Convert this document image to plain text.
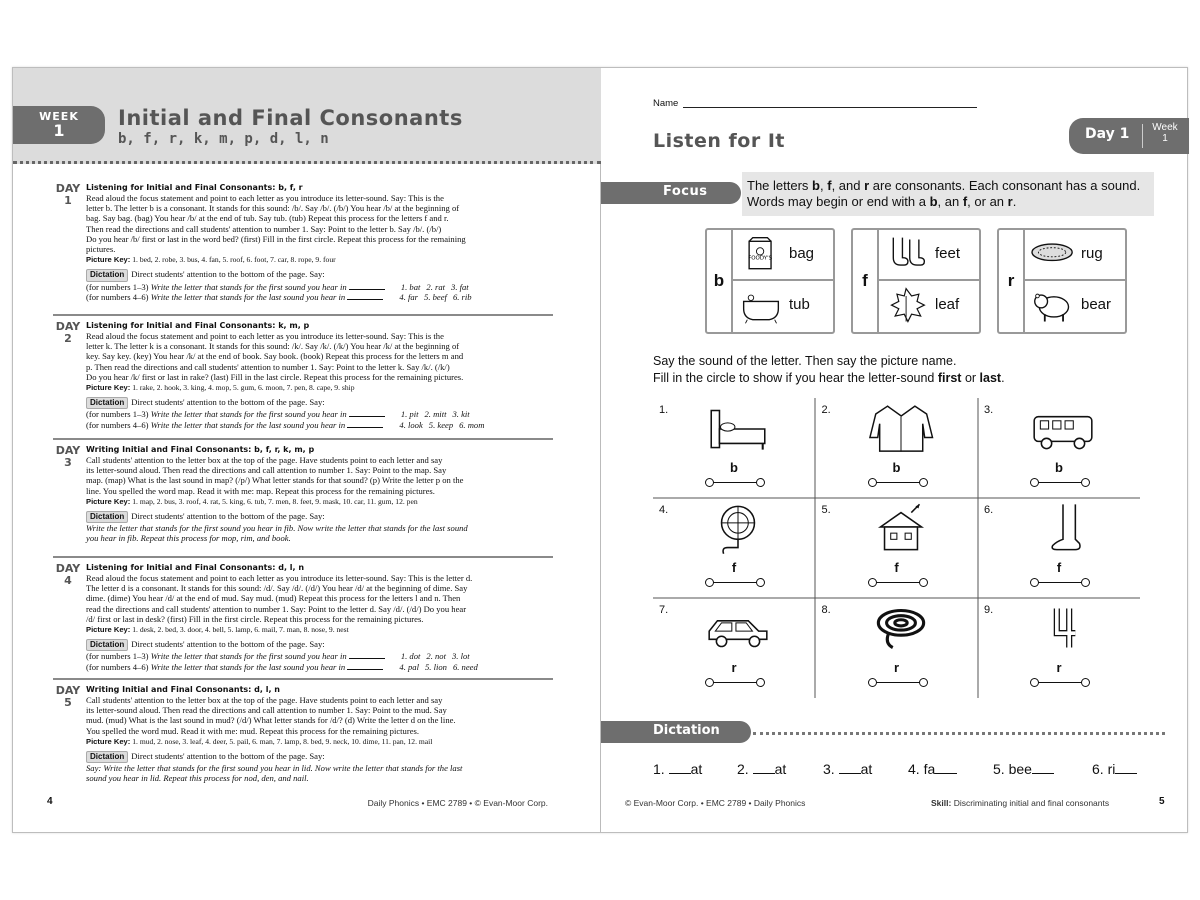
WEEK
1
Initial and Final Consonants
b, f, r, k, m, p, d, l, n
DAY
1
Listening for Initial and Final Consonants: b, f, r
Read aloud the focus statement and point to each letter as you introduce its letter-sound. Say: This is the
letter b. The letter b is a consonant. It stands for this sound: /b/. Say /b/. (/b/) You hear /b/ at the beginning of
bag. Say bag. (bag) You hear /b/ at the end of tub. Say tub. (tub) Repeat this process for the letters f and r.
Then read the directions and call students' attention to number 1. Say: Point to the letter b. Say /b/. (/b/)
Do you hear /b/ first or last in the word bed? (first) Fill in the first circle. Repeat this process for the remaining
pictures.
Picture Key: 1. bed, 2. robe, 3. bus, 4. fan, 5. roof, 6. foot, 7. car, 8. rope, 9. four
Dictation Direct students' attention to the bottom of the page. Say:
(for numbers 1–3) Write the letter that stands for the first sound you hear in	1. bat 2. rat 3. fat
(for numbers 4–6) Write the letter that stands for the last sound you hear in	4. far 5. beef 6. rib
DAY
2
Listening for Initial and Final Consonants: k, m, p
Read aloud the focus statement and point to each letter as you introduce its letter-sound. Say: This is the
letter k. The letter k is a consonant. It stands for this sound: /k/. Say /k/. (/k/) You hear /k/ at the beginning of
key. Say key. (key) You hear /k/ at the end of book. Say book. (book) Repeat this process for the letters m and
p. Then read the directions and call students' attention to number 1. Say: Point to the letter k. Say /k/. (/k/)
Do you hear /k/ first or last in rake? (last) Fill in the last circle. Repeat this process for the remaining pictures.
Picture Key: 1. rake, 2. hook, 3. king, 4. mop, 5. gum, 6. moon, 7. pen, 8. cape, 9. ship
Dictation Direct students' attention to the bottom of the page. Say:
(for numbers 1–3) Write the letter that stands for the first sound you hear in	1. pit 2. mitt 3. kit
(for numbers 4–6) Write the letter that stands for the last sound you hear in	4. look 5. keep 6. mom
DAY
3
Writing Initial and Final Consonants: b, f, r, k, m, p
Call students' attention to the letter box at the top of the page. Have students point to each letter and say
its letter-sound aloud. Then read the directions and call attention to number 1. Say: Point to the map. Say
map. (map) What is the last sound in map? (/p/) What letter stands for that sound? (p) Write the letter p on the
line. You spelled the word map. Read it with me: map. Repeat this process for the remaining pictures.
Picture Key: 1. map, 2. bus, 3. roof, 4. rat, 5. king, 6. tub, 7. men, 8. feet, 9. mask, 10. car, 11. gum, 12. pen
Dictation Direct students' attention to the bottom of the page. Say:
Write the letter that stands for the first sound you hear in fib. Now write the letter that stands for the last sound
you hear in fib. Repeat this process for mop, rim, and book.
DAY
4
Listening for Initial and Final Consonants: d, l, n
Read aloud the focus statement and point to each letter as you introduce its letter-sound. Say: This is the letter d.
The letter d is a consonant. It stands for this sound: /d/. Say /d/. (/d/) You hear /d/ at the beginning of dime. Say
dime. (dime) You hear /d/ at the end of mud. Say mud. (mud) Repeat this process for the letters l and n. Then
read the directions and call students' attention to number 1. Say: Point to the letter d. Say /d/. (/d/) Do you hear
/d/ first or last in desk? (first) Fill in the first circle. Repeat this process for the remaining pictures.
Picture Key: 1. desk, 2. bed, 3. door, 4. bell, 5. lamp, 6. mail, 7. man, 8. nose, 9. nest
Dictation Direct students' attention to the bottom of the page. Say:
(for numbers 1–3) Write the letter that stands for the first sound you hear in	1. dot 2. not 3. lot
(for numbers 4–6) Write the letter that stands for the last sound you hear in	4. pal 5. lion 6. need
DAY
5
Writing Initial and Final Consonants: d, l, n
Call students' attention to the letter box at the top of the page. Have students point to each letter and say
its letter-sound aloud. Then read the directions and call attention to number 1. Say: Point to the mud. Say
mud. (mud) What is the last sound in mud? (/d/) What letter stands for /d/? (d) Write the letter d on the line.
You spelled the word mud. Read it with me: mud. Repeat this process for the remaining pictures.
Picture Key: 1. mud, 2. nose, 3. leaf, 4. deer, 5. pail, 6. man, 7. lamp, 8. bed, 9. neck, 10. dime, 11. pan, 12. mail
Dictation Direct students' attention to the bottom of the page. Say:
Say: Write the letter that stands for the first sound you hear in lid. Now write the letter that stands for the last
sound you hear in lid. Repeat this process for nod, den, and nail.
4	Daily Phonics • EMC 2789 • © Evan-Moor Corp.
Name
Listen for It	Day 1	Week
1
Focus	The letters b, f, and r are consonants. Each consonant has a sound. Words may begin or end with a b, an f, or an r.
b
FOODY'S bag
tub
f
feet
leaf
r
rug
bear
Say the sound of the letter. Then say the picture name.
Fill in the circle to show if you hear the letter-sound first or last.
1.
b
2.
b
3.
b
4.
f
5.
f
6.
f
7.
r
8.
r
9.
r
Dictation
1. at 2. at	3. at	4. fa	5. bee	6. ri
© Evan-Moor Corp. • EMC 2789 • Daily Phonics	Skill: Discriminating initial and final consonants	5
